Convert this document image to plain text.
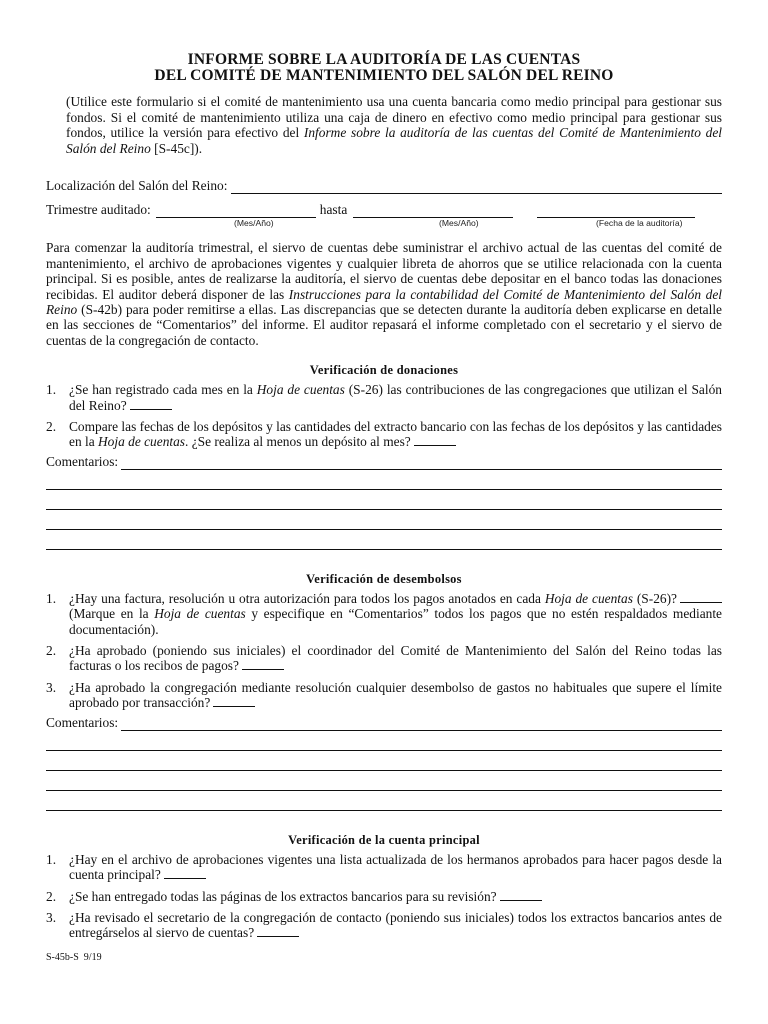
INFORME SOBRE LA AUDITORÍA DE LAS CUENTAS
DEL COMITÉ DE MANTENIMIENTO DEL SALÓN DEL REINO
(Utilice este formulario si el comité de mantenimiento usa una cuenta bancaria como medio principal para gestionar sus fondos. Si el comité de mantenimiento utiliza una caja de dinero en efectivo como medio principal para gestionar sus fondos, utilice la versión para efectivo del Informe sobre la auditoría de las cuentas del Comité de Mantenimiento del Salón del Reino [S-45c]).
Localización del Salón del Reino:
Trimestre auditado:	hasta
(Mes/Año)	(Mes/Año)	(Fecha de la auditoría)
Para comenzar la auditoría trimestral, el siervo de cuentas debe suministrar el archivo actual de las cuentas del comité de mantenimiento, el archivo de aprobaciones vigentes y cualquier libreta de ahorros que se utilice relacionada con la cuenta principal. Si es posible, antes de realizarse la auditoría, el siervo de cuentas debe depositar en el banco todas las donaciones recibidas. El auditor deberá disponer de las Instrucciones para la contabilidad del Comité de Mantenimiento del Salón del Reino (S-42b) para poder remitirse a ellas. Las discrepancias que se detecten durante la auditoría deben explicarse en detalle en las secciones de “Comentarios” del informe. El auditor repasará el informe completado con el secretario y el siervo de cuentas de la congregación de contacto.
Verificación de donaciones
1. ¿Se han registrado cada mes en la Hoja de cuentas (S-26) las contribuciones de las congregaciones que utilizan el Salón del Reino?
2. Compare las fechas de los depósitos y las cantidades del extracto bancario con las fechas de los depósitos y las cantidades en la Hoja de cuentas. ¿Se realiza al menos un depósito al mes?
Comentarios:
Verificación de desembolsos
1. ¿Hay una factura, resolución u otra autorización para todos los pagos anotados en cada Hoja de cuentas (S-26)? (Marque en la Hoja de cuentas y especifique en “Comentarios” todos los pagos que no estén respaldados mediante documentación).
2. ¿Ha aprobado (poniendo sus iniciales) el coordinador del Comité de Mantenimiento del Salón del Reino todas las facturas o los recibos de pagos?
3. ¿Ha aprobado la congregación mediante resolución cualquier desembolso de gastos no habituales que supere el límite aprobado por transacción?
Comentarios:
Verificación de la cuenta principal
1. ¿Hay en el archivo de aprobaciones vigentes una lista actualizada de los hermanos aprobados para hacer pagos desde la cuenta principal?
2. ¿Se han entregado todas las páginas de los extractos bancarios para su revisión?
3. ¿Ha revisado el secretario de la congregación de contacto (poniendo sus iniciales) todos los extractos bancarios antes de entregárselos al siervo de cuentas?
S-45b-S 9/19
